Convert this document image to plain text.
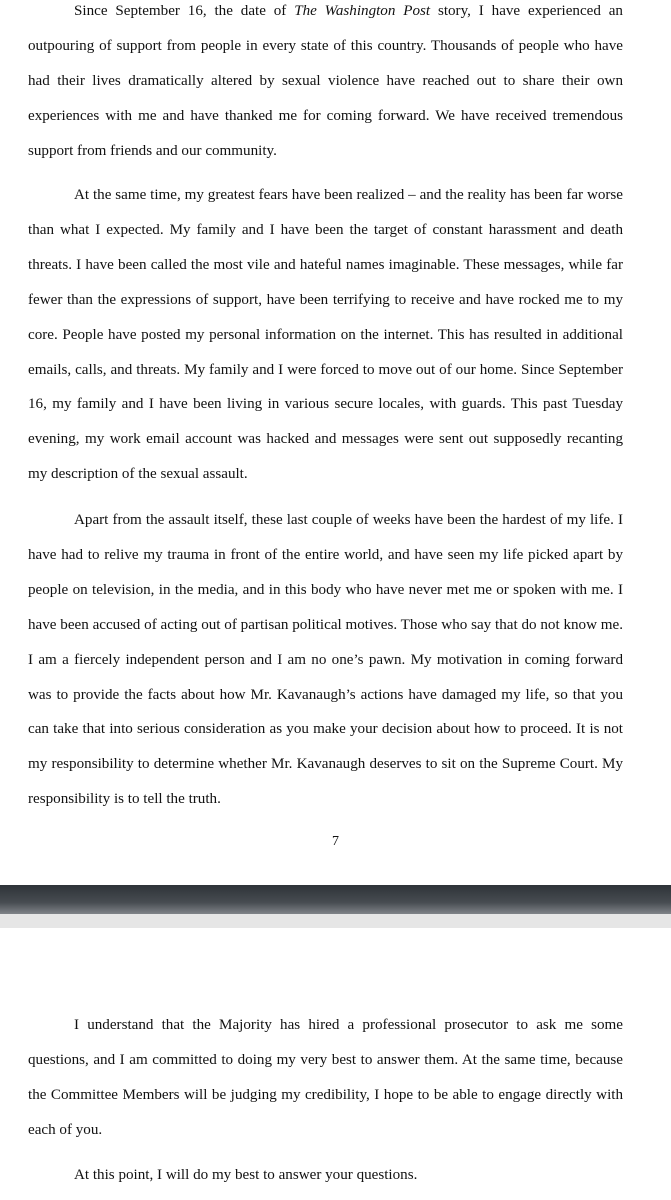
Since September 16, the date of The Washington Post story, I have experienced an outpouring of support from people in every state of this country. Thousands of people who have had their lives dramatically altered by sexual violence have reached out to share their own experiences with me and have thanked me for coming forward. We have received tremendous support from friends and our community.

At the same time, my greatest fears have been realized – and the reality has been far worse than what I expected. My family and I have been the target of constant harassment and death threats. I have been called the most vile and hateful names imaginable. These messages, while far fewer than the expressions of support, have been terrifying to receive and have rocked me to my core. People have posted my personal information on the internet. This has resulted in additional emails, calls, and threats. My family and I were forced to move out of our home. Since September 16, my family and I have been living in various secure locales, with guards. This past Tuesday evening, my work email account was hacked and messages were sent out supposedly recanting my description of the sexual assault.

Apart from the assault itself, these last couple of weeks have been the hardest of my life. I have had to relive my trauma in front of the entire world, and have seen my life picked apart by people on television, in the media, and in this body who have never met me or spoken with me. I have been accused of acting out of partisan political motives. Those who say that do not know me. I am a fiercely independent person and I am no one’s pawn. My motivation in coming forward was to provide the facts about how Mr. Kavanaugh’s actions have damaged my life, so that you can take that into serious consideration as you make your decision about how to proceed. It is not my responsibility to determine whether Mr. Kavanaugh deserves to sit on the Supreme Court. My responsibility is to tell the truth.

7

I understand that the Majority has hired a professional prosecutor to ask me some questions, and I am committed to doing my very best to answer them. At the same time, because the Committee Members will be judging my credibility, I hope to be able to engage directly with each of you.

At this point, I will do my best to answer your questions.
